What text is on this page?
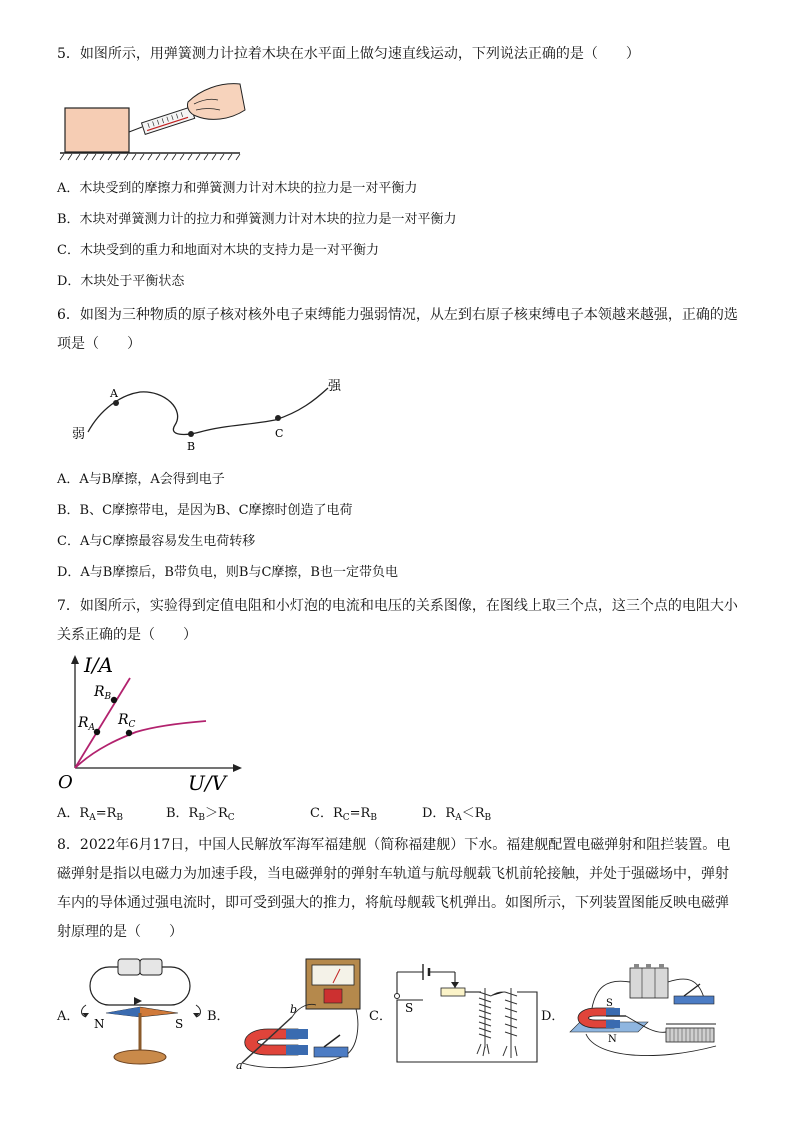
5．如图所示，用弹簧测力计拉着木块在水平面上做匀速直线运动，下列说法正确的是（　　）
A．木块受到的摩擦力和弹簧测力计对木块的拉力是一对平衡力
B．木块对弹簧测力计的拉力和弹簧测力计对木块的拉力是一对平衡力
C．木块受到的重力和地面对木块的支持力是一对平衡力
D．木块处于平衡状态
6．如图为三种物质的原子核对核外电子束缚能力强弱情况，从左到右原子核束缚电子本领越来越强，正确的选
项是（　　）
弱
强
A
B
C
A．A与B摩擦，A会得到电子
B．B、C摩擦带电，是因为B、C摩擦时创造了电荷
C．A与C摩擦最容易发生电荷转移
D．A与B摩擦后，B带负电，则B与C摩擦，B也一定带负电
7．如图所示，实验得到定值电阻和小灯泡的电流和电压的关系图像，在图线上取三个点，这三个点的电阻大小
关系正确的是（　　）
I/A
U/V
O
$R_A$
$R_B$
$R_C$
A．$R_A=R_B$	B．$R_B>R_C$	C．$R_C=R_B$	D．$R_A<R_B$
8．2022年6月17日，中国人民解放军海军福建舰（简称福建舰）下水。福建舰配置电磁弹射和阻拦装置。电
磁弹射是指以电磁力为加速手段，当电磁弹射的弹射车轨道与航母舰载飞机前轮接触，并处于强磁场中，弹射
车内的导体通过强电流时，即可受到强大的推力，将航母舰载飞机弹出。如图所示，下列装置图能反映电磁弹
射原理的是（　　）
A．	B．	C．	D．
N	S
a
b	S	S
N
